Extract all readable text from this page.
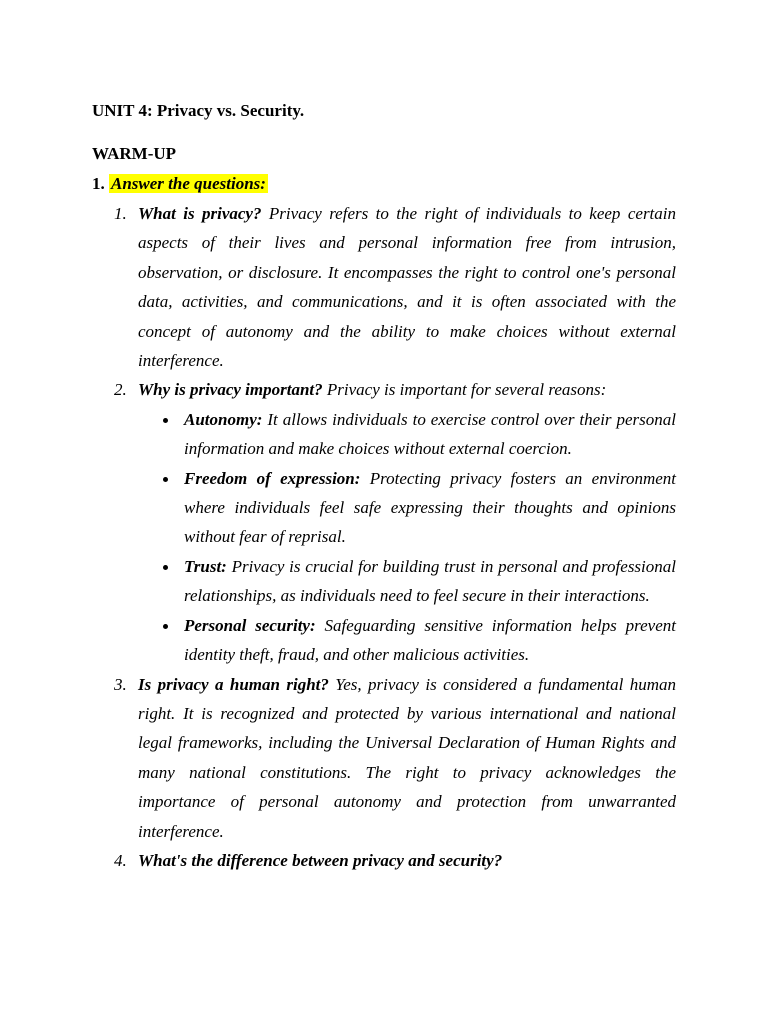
UNIT 4: Privacy vs. Security.
WARM-UP
1. Answer the questions:
1. What is privacy? Privacy refers to the right of individuals to keep certain aspects of their lives and personal information free from intrusion, observation, or disclosure. It encompasses the right to control one's personal data, activities, and communications, and it is often associated with the concept of autonomy and the ability to make choices without external interference.

2. Why is privacy important? Privacy is important for several reasons:

Autonomy: It allows individuals to exercise control over their personal information and make choices without external coercion.

Freedom of expression: Protecting privacy fosters an environment where individuals feel safe expressing their thoughts and opinions without fear of reprisal.

Trust: Privacy is crucial for building trust in personal and professional relationships, as individuals need to feel secure in their interactions.

Personal security: Safeguarding sensitive information helps prevent identity theft, fraud, and other malicious activities.

3. Is privacy a human right? Yes, privacy is considered a fundamental human right. It is recognized and protected by various international and national legal frameworks, including the Universal Declaration of Human Rights and many national constitutions. The right to privacy acknowledges the importance of personal autonomy and protection from unwarranted interference.

4. What's the difference between privacy and security?
